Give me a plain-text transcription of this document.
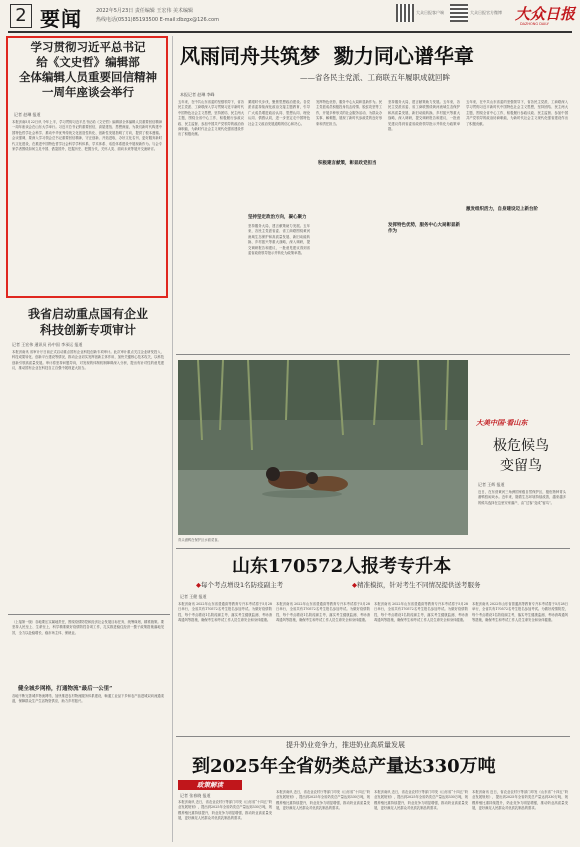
2 要闻	2022年5月23日 责任编辑 王宏伟 美术编辑
热线电话(0531)85193500 E-mail:dbzgx@126.com
大众日报客户端	大众日报官方微博 大众日报
DAZHONG DAILY
学习贯彻习近平总书记
给《文史哲》编辑部
全体编辑人员重要回信精神
一周年座谈会举行
记者 赵琳 报道
本报济南5月22日讯 今年上半，学习贯彻习近平总书记给《文史哲》编辑部全体编辑人员重要回信精神一周年座谈会在山东大学举行。习近平总书记的重要回信，高屋建瓴、思想深邃，为我们新时代构建中国特色哲学社会科学、推动中华优秀传统文化创造性转化、创新性发展指明了方向，提供了根本遵循。会议强调，要深入学习领会总书记重要回信精神，守正创新、开拓进取，办好文化名刊，更好服务新时代文化建设，在推进中国特色哲学社会科学学科体系、学术体系、话语体系建设中展现新作为。与会专家学者围绕如何立足中国、借鉴国外，挖掘历史、把握当代，关怀人类、面向未来等展开交流研讨。
我省启动重点国有企业
科技创新专项审计
记者 王宏伟 通讯员 孙中国 李承运 报道
本报济南讯 省审计厅日前正式启动重点国有企业科技创新专项审计。此次审计重点关注企业研发投入、科技成果转化、创新平台建设等情况，推动企业切实发挥创新主体作用，加快关键核心技术攻关，以科技创新引领高质量发展。审计将坚持问题导向，对发现的体制机制障碍深入分析，提出有针对性的意见建议，推动国有企业在科技自立自强中展现更大担当。
（上接第一版）各地要压实属地责任，围绕疫情防控和经济社会发展目标任务，统筹谋划，精准施策。要坚持人民至上、生命至上，科学精准做好疫情防控各项工作，扎实推进稳住经济一揽子政策措施落地见效，全力以赴稳增长、稳市场主体、保就业。
健全城乡网格，打通物流“最后一公里”
各地不断完善城乡物流网络，加快推进农村物流服务体系建设，畅通工业品下乡和农产品进城双向流通渠道，保障群众生产生活物资供应，助力乡村振兴。
风雨同舟共筑梦  勠力同心谱华章
——省各民主党派、工商联五年履职成就回眸
本报记者 赵琳 李峰
五年来，在中共山东省委的坚强领导下，省各民主党派、工商联深入学习贯彻习近平新时代中国特色社会主义思想，坚持团结、民主两大主题，围绕全省中心工作，积极履行参政议政、民主监督、参加中国共产党领导的政治协商职能，为新时代社会主义现代化强省建设作出了积极贡献。
紧跟时代步伐，聚焦思想政治建设。各党派省委持续深化政治交接主题教育，引导广大成员增进政治认同、思想认同、理论认同、情感认同，进一步坚定走中国特色社会主义政治发展道路的信心和决心。
坚持坚定政治方向，凝心聚力
坚持服务大局，建言献策助力发展。五年来，各民主党派省委、省工商联围绕黄河流域生态保护和高质量发展、新旧动能转换、乡村振兴等重大战略，深入调研，提交调研报告和建议，一批意见建议得到省委省政府领导批示并转化为政策举措。
积极建言献策，彰显政党担当
发挥特色优势，服务中心大局彰显新作为。民主党派成员积极投身抗击疫情、脱贫攻坚等工作，开展多种形式的社会服务活动，为群众办实事、解难题，展现了新时代参政党的良好形象和责任担当。
发挥特色优势，服务中心大局彰显新作为
坚持服务大局，建言献策助力发展。五年来，各民主党派省委、省工商联围绕黄河流域生态保护和高质量发展、新旧动能转换、乡村振兴等重大战略，深入调研，提交调研报告和建议，一批意见建议得到省委省政府领导批示并转化为政策举措。
激发组织活力，自身建设迈上新台阶
五年来，在中共山东省委的坚强领导下，省各民主党派、工商联深入学习贯彻习近平新时代中国特色社会主义思想，坚持团结、民主两大主题，围绕全省中心工作，积极履行参政议政、民主监督、参加中国共产党领导的政治协商职能，为新时代社会主义现代化强省建设作出了积极贡献。
青头潜鸭在保护区水面觅食。
大美中国·看山东
极危候鸟
变留鸟
记者 王辉 报道
近日，在东营黄河三角洲国家级自然保护区，极危物种青头潜鸭悠闲戏水。近年来，随着生态环境持续改善，越来越多的候鸟选择在这里安家落户，由“过客”变成“留鸟”。
山东170572人报考专升本
◆每个考点增设1名防疫副主考	◆精准模拟，针对考生不同情况提供送考服务
记者 王健 报道
本报济南讯 2022年山东省普通高等教育专升本考试将于5月28日举行，全省共有170572名考生报名参加考试。为做好疫情防控，每个考点增设1名防疫副主考，落实考生健康监测、考场消毒通风等措施，确保考生和考试工作人员生命安全和身体健康。
本报济南讯 2022年山东省普通高等教育专升本考试将于5月28日举行，全省共有170572名考生报名参加考试。为做好疫情防控，每个考点增设1名防疫副主考，落实考生健康监测、考场消毒通风等措施，确保考生和考试工作人员生命安全和身体健康。
本报济南讯 2022年山东省普通高等教育专升本考试将于5月28日举行，全省共有170572名考生报名参加考试。为做好疫情防控，每个考点增设1名防疫副主考，落实考生健康监测、考场消毒通风等措施，确保考生和考试工作人员生命安全和身体健康。
本报济南讯 2022年山东省普通高等教育专升本考试将于5月28日举行，全省共有170572名考生报名参加考试。为做好疫情防控，每个考点增设1名防疫副主考，落实考生健康监测、考场消毒通风等措施，确保考生和考试工作人员生命安全和身体健康。
提升奶业竞争力，推进奶业高质量发展
到2025年全省奶类总产量达330万吨
政策解读
记者 张春晓 报道
本报济南讯 近日，省农业农村厅等部门印发《山东省“十四五”奶业发展规划》，提出到2025年全省奶类总产量达到330万吨，规模养殖比重持续提升，奶业竞争力明显增强，推动奶业高质量发展，更好满足人民群众对优质乳制品的需求。
本报济南讯 近日，省农业农村厅等部门印发《山东省“十四五”奶业发展规划》，提出到2025年全省奶类总产量达到330万吨，规模养殖比重持续提升，奶业竞争力明显增强，推动奶业高质量发展，更好满足人民群众对优质乳制品的需求。
本报济南讯 近日，省农业农村厅等部门印发《山东省“十四五”奶业发展规划》，提出到2025年全省奶类总产量达到330万吨，规模养殖比重持续提升，奶业竞争力明显增强，推动奶业高质量发展，更好满足人民群众对优质乳制品的需求。
本报济南讯 近日，省农业农村厅等部门印发《山东省“十四五”奶业发展规划》，提出到2025年全省奶类总产量达到330万吨，规模养殖比重持续提升，奶业竞争力明显增强，推动奶业高质量发展，更好满足人民群众对优质乳制品的需求。
